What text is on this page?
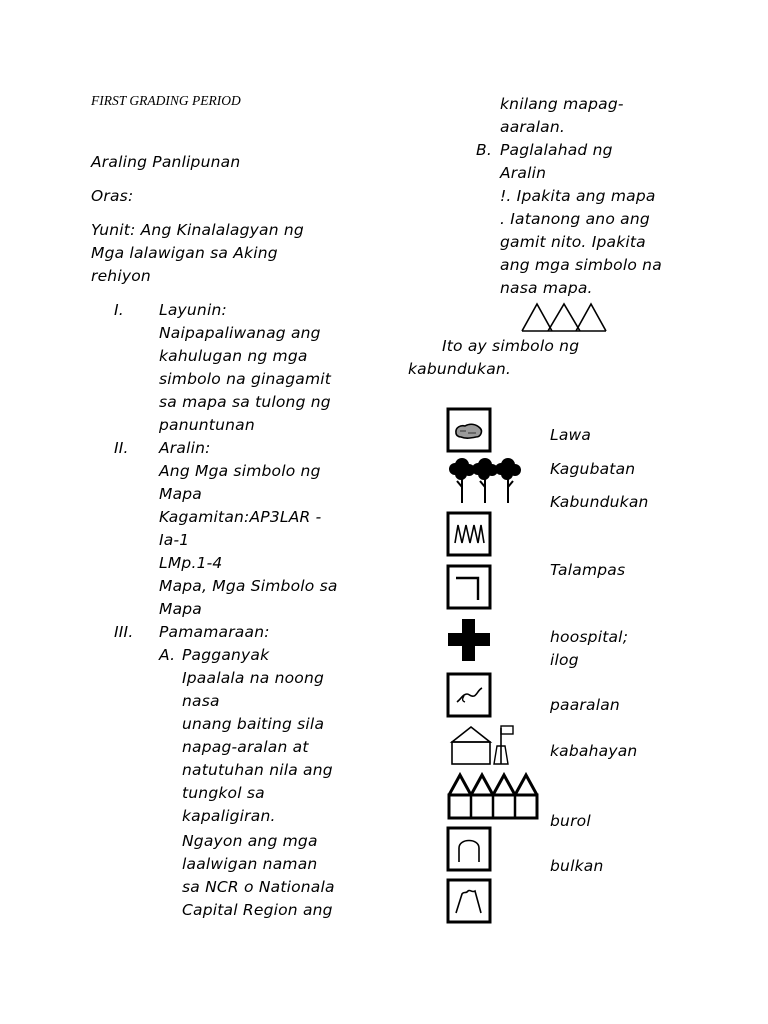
FIRST GRADING PERIOD
Araling Panlipunan
Oras:
Yunit: Ang Kinalalagyan ng
Mga lalawigan sa Aking
rehiyon
I. Layunin:
Naipapaliwanag ang
kahulugan ng mga
simbolo na ginagamit
sa mapa sa tulong ng
panuntunan
II. Aralin:
Ang Mga simbolo ng
Mapa
Kagamitan:AP3LAR -
Ia-1
LMp.1-4
Mapa, Mga Simbolo sa
Mapa
III. Pamamaraan:
A. Pagganyak
Ipaalala na noong
nasa
unang baiting sila
napag-aralan at
natutuhan nila ang
tungkol sa
kapaligiran.
Ngayon ang mga
laalwigan naman
sa NCR o Nationala
Capital Region ang
knilang mapag-
aaralan.
B. Paglalahad ng
Aralin
!. Ipakita ang mapa
. Iatanong ano ang
gamit nito. Ipakita
ang mga simbolo na
nasa mapa.
Ito ay simbolo ng
kabundukan.
Lawa
Kagubatan
Kabundukan
Talampas
hoospital;
ilog
paaralan
kabahayan
burol
bulkan
